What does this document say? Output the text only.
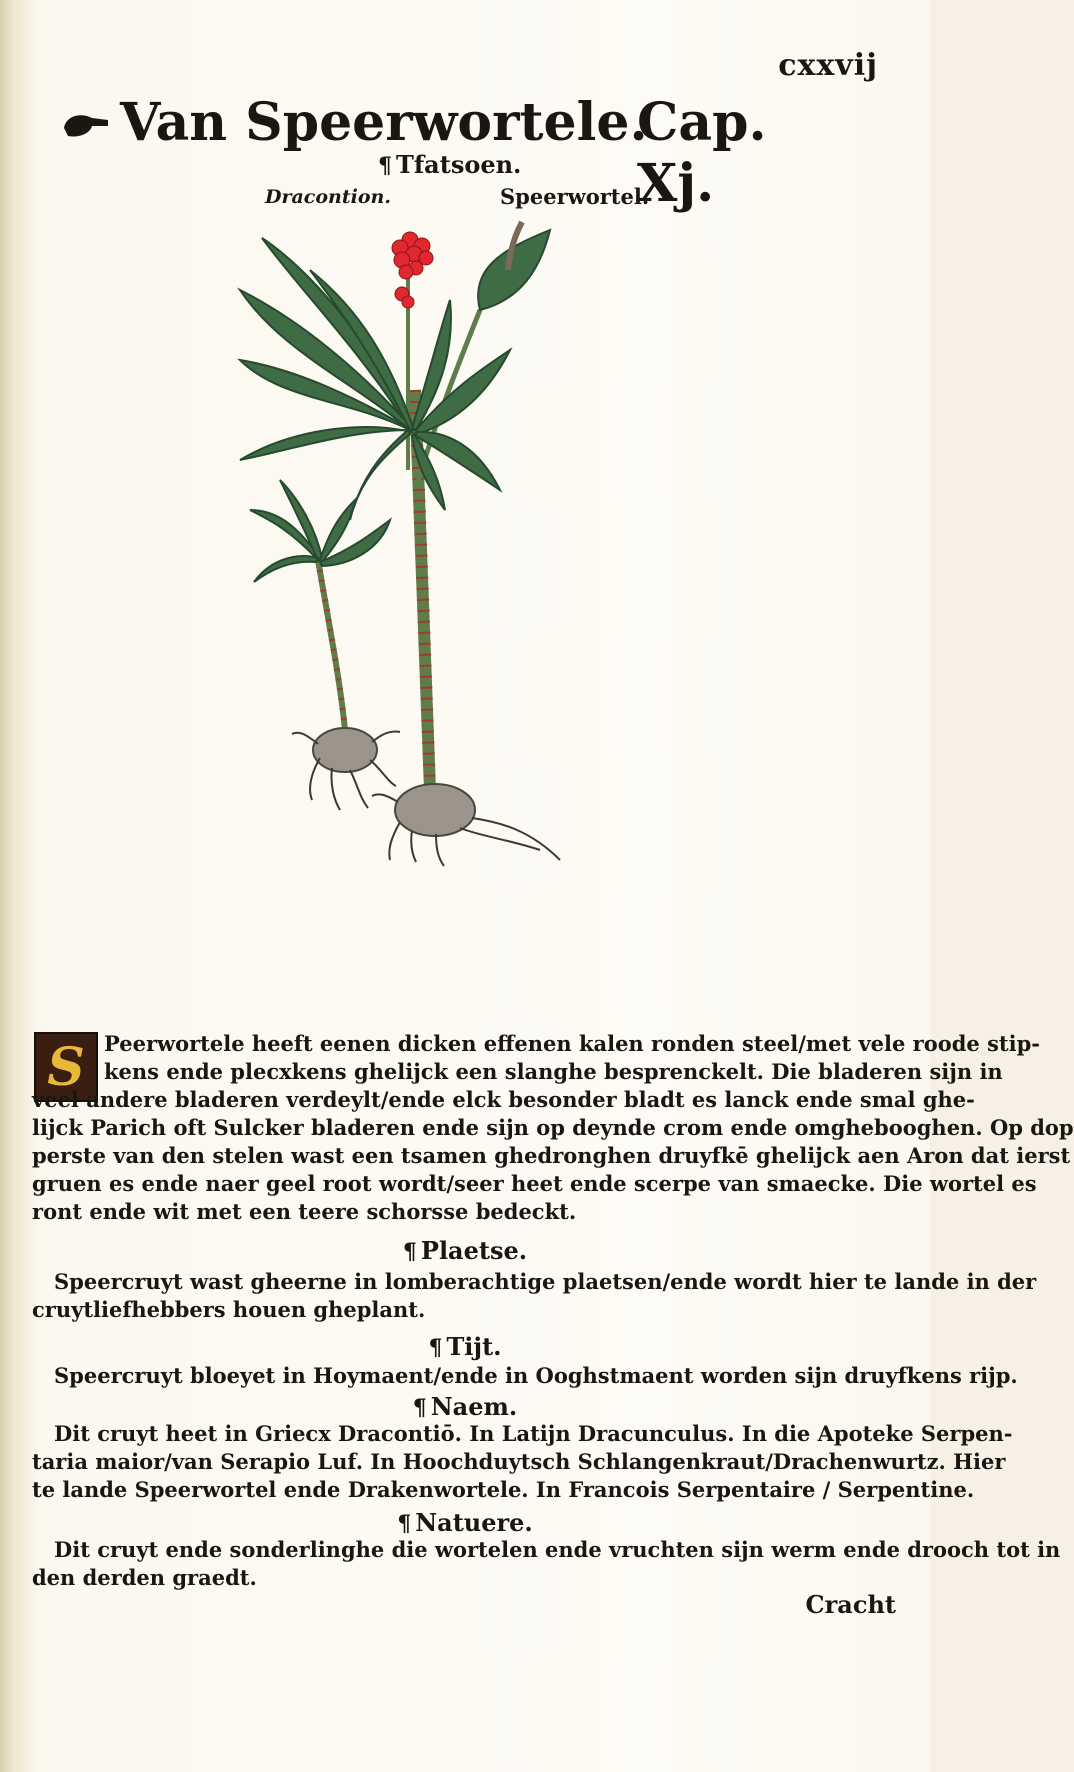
cxxvij
Van Speerwortele.
Cap. Xj.
¶ Tfatsoen.
Dracontion.	Speerwortel.
S Peerwortele heeft eenen dicken effenen kalen ronden steel/met vele roode stip-
kens ende plecxkens ghelijck een slanghe besprenckelt. Die bladeren sijn in
veel andere bladeren verdeylt/ende elck besonder bladt es lanck ende smal ghe-
lijck Parich oft Sulcker bladeren ende sijn op deynde crom ende omghebooghen. Op dop
perste van den stelen wast een tsamen ghedronghen druyfkē ghelijck aen Aron dat ierst
gruen es ende naer geel root wordt/seer heet ende scerpe van smaecke. Die wortel es
ront ende wit met een teere schorsse bedeckt.
¶ Plaetse.
Speercruyt wast gheerne in lomberachtige plaetsen/ende wordt hier te lande in der
cruytliefhebbers houen gheplant.
¶ Tijt.
Speercruyt bloeyet in Hoymaent/ende in Ooghstmaent worden sijn druyfkens rijp.
¶ Naem.
Dit cruyt heet in Griecx Dracontiō. In Latijn Dracunculus. In die Apoteke Serpen-
taria maior/van Serapio Luf. In Hoochduytsch Schlangenkraut/Drachenwurtz. Hier
te lande Speerwortel ende Drakenwortele. In Francois Serpentaire / Serpentine.
¶ Natuere.
Dit cruyt ende sonderlinghe die wortelen ende vruchten sijn werm ende drooch tot in
den derden graedt.
Cracht
